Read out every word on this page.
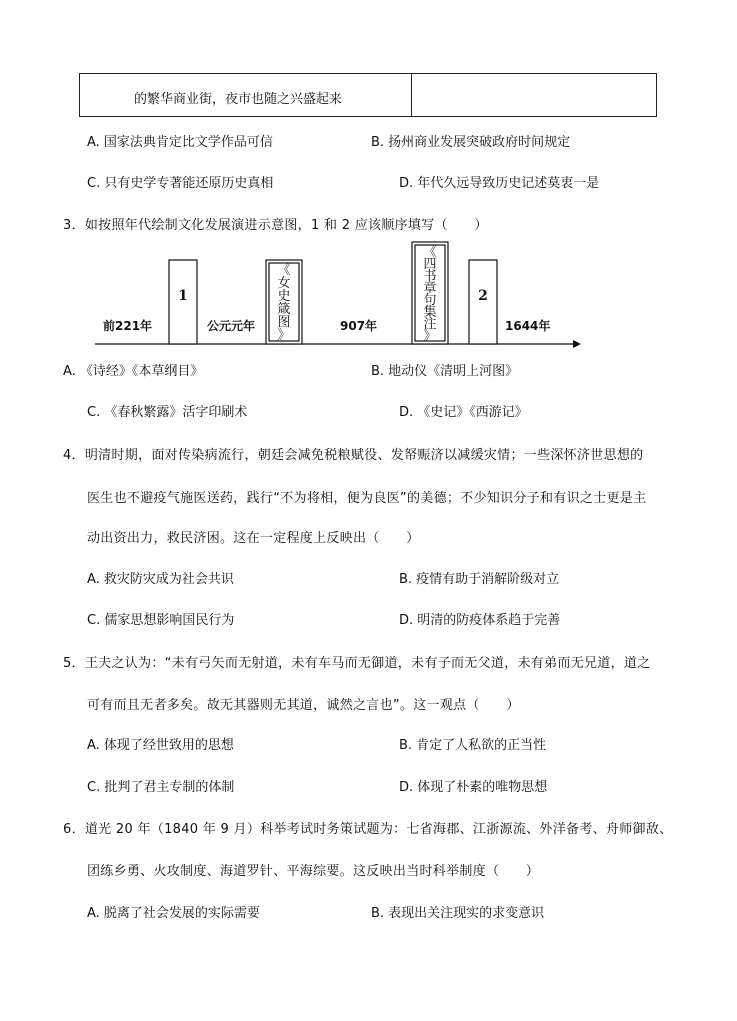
的繁华商业街，夜市也随之兴盛起来
A. 国家法典肯定比文学作品可信	B. 扬州商业发展突破政府时间规定
C. 只有史学专著能还原历史真相	D. 年代久远导致历史记述莫衷一是
3．如按照年代绘制文化发展演进示意图，1 和 2 应该顺序填写（　　）
1
《
女
史
箴
图
》
《
四
书
章
句
集
注
》
2
前221年	公元元年	907年	1644年
A. 《诗经》《本草纲目》	B. 地动仪《清明上河图》
C. 《春秋繁露》活字印刷术	D. 《史记》《西游记》
4．明清时期，面对传染病流行，朝廷会减免税粮赋役、发帑赈济以减缓灾情；一些深怀济世思想的
医生也不避疫气施医送药，践行“不为将相，便为良医”的美德；不少知识分子和有识之士更是主
动出资出力，救民济困。这在一定程度上反映出（　　）
A. 救灾防灾成为社会共识	B. 疫情有助于消解阶级对立
C. 儒家思想影响国民行为	D. 明清的防疫体系趋于完善
5．王夫之认为：“未有弓矢而无射道，未有车马而无御道，未有子而无父道，未有弟而无兄道，道之
可有而且无者多矣。故无其器则无其道，诚然之言也”。这一观点（　　）
A. 体现了经世致用的思想	B. 肯定了人私欲的正当性
C. 批判了君主专制的体制	D. 体现了朴素的唯物思想
6．道光 20 年（1840 年 9 月）科举考试时务策试题为：七省海郡、江浙源流、外洋备考、舟师御敌、
团练乡勇、火攻制度、海道罗针、平海综要。这反映出当时科举制度（　　）
A. 脱离了社会发展的实际需要	B. 表现出关注现实的求变意识
